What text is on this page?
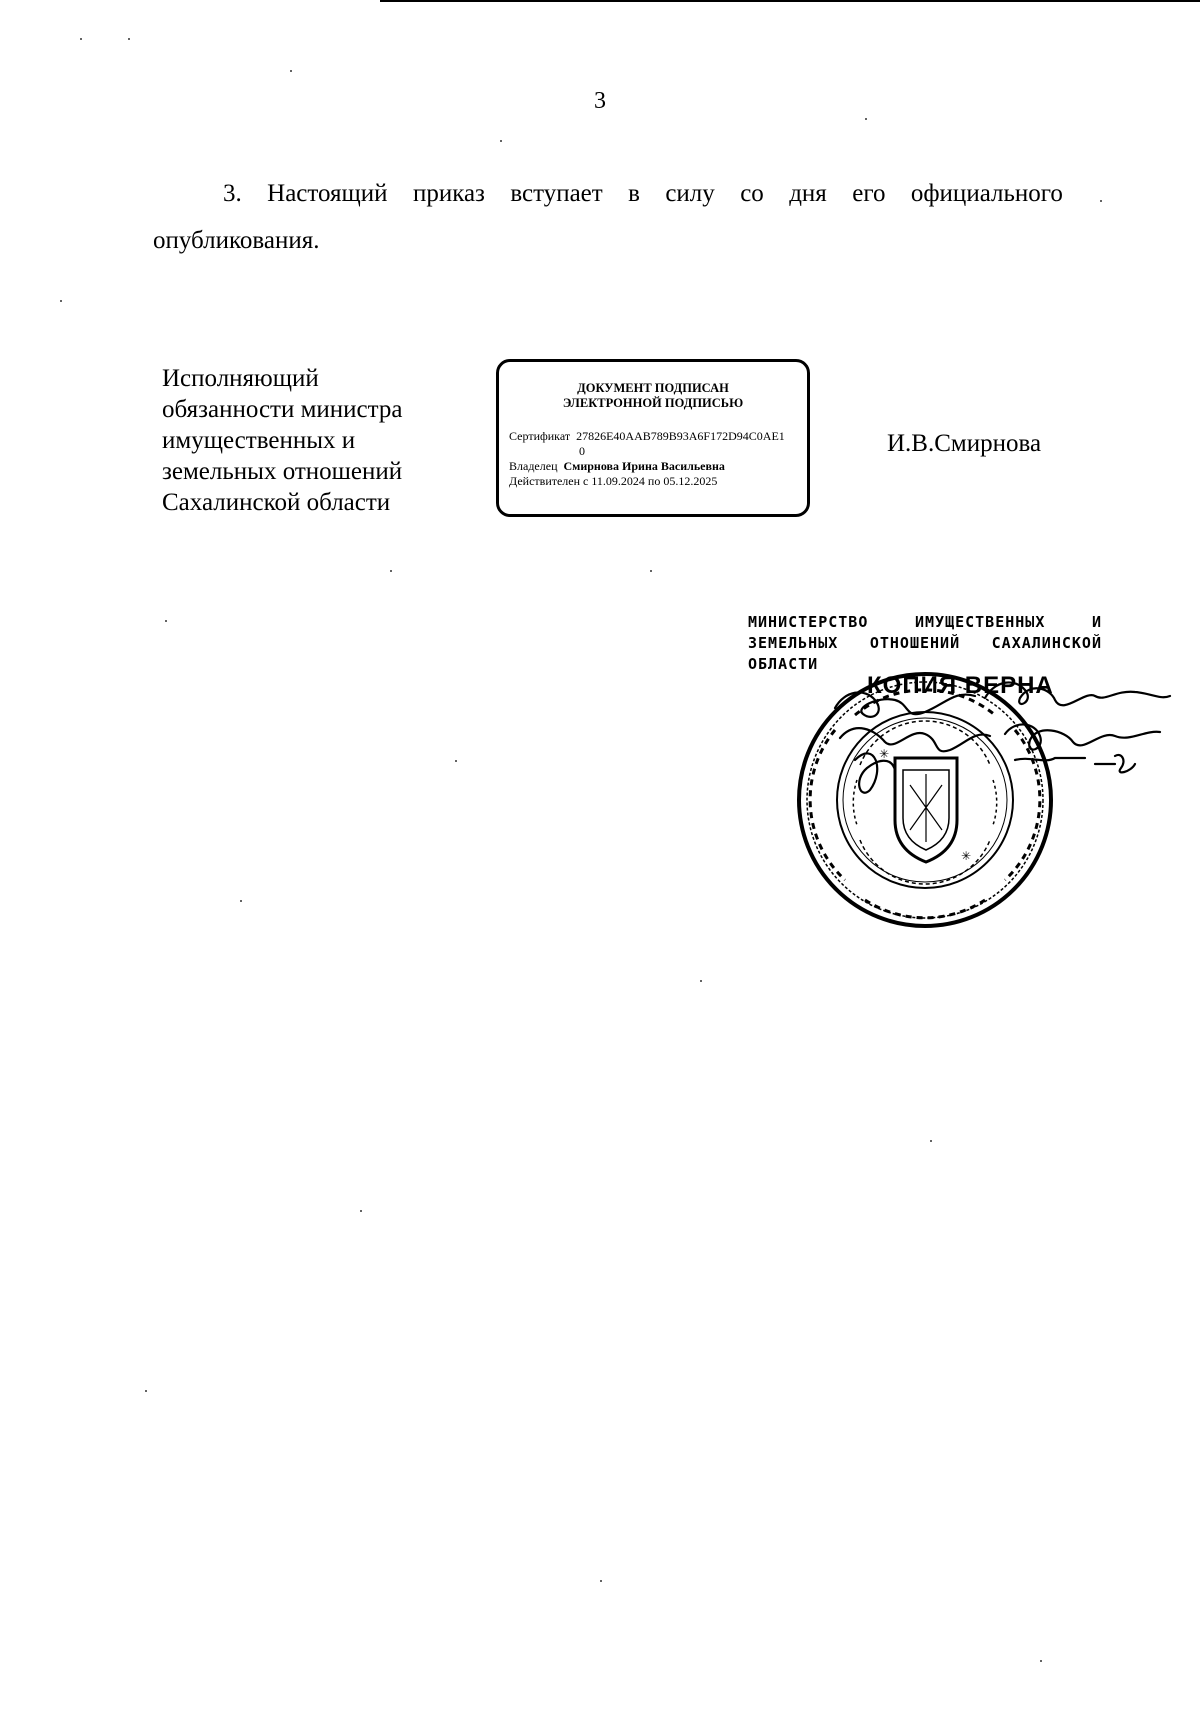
3
3. Настоящий приказ вступает в силу со дня его официального
опубликования.
Исполняющий
обязанности министра
имущественных и
земельных отношений
Сахалинской области
ДОКУМЕНТ ПОДПИСАН
ЭЛЕКТРОННОЙ ПОДПИСЬЮ
Сертификат 27826E40AAB789B93A6F172D94C0AE1
0
Владелец Смирнова Ирина Васильевна
Действителен с 11.09.2024 по 05.12.2025
И.В.Смирнова
МИНИСТЕРСТВО	ИМУЩЕСТВЕННЫХ	И
ЗЕМЕЛЬНЫХ ОТНОШЕНИЙ САХАЛИНСКОЙ
ОБЛАСТИ
✳
✳
КОПИЯ ВЕРНА
